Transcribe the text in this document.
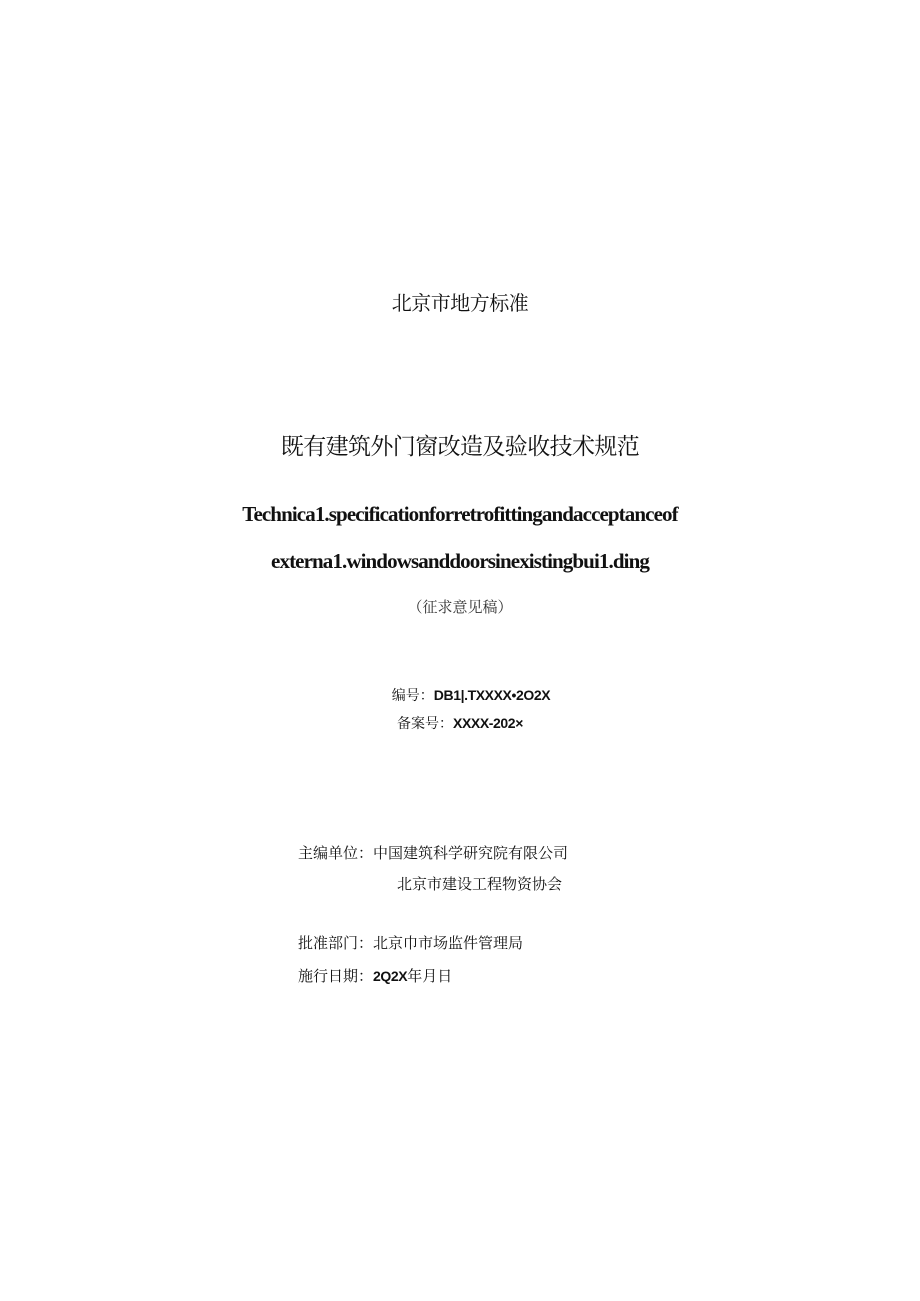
北京市地方标准
既有建筑外门窗改造及验收技术规范
Technica1.specificationforretrofittingandacceptanceof
externa1.windowsanddoorsinexistingbui1.ding
（征求意见稿）
编号：DB1|.TXXXX•2O2X
备案号：XXXX-202×
主编单位：中国建筑科学研究院有限公司
北京市建设工程物资协会
批准部门：北京巾市场监件管理局
施行日期：2Q2X年月日
